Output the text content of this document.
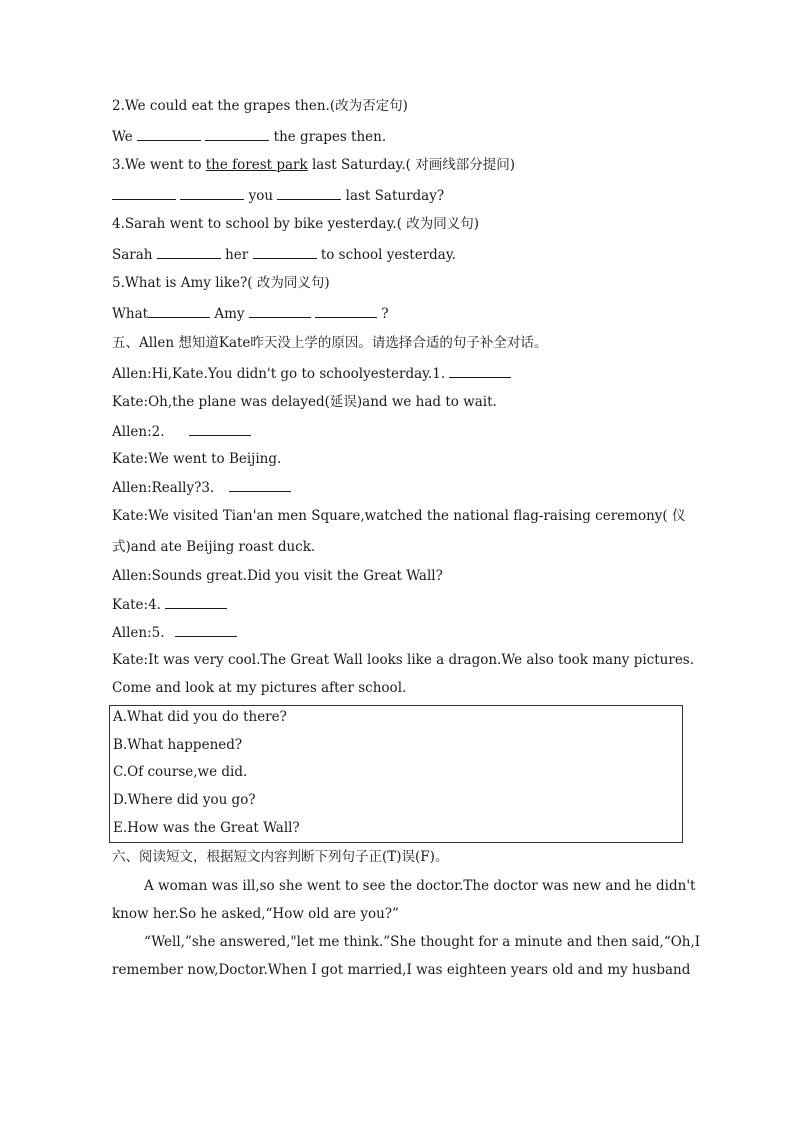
2.We could eat the grapes then.(改为否定句)
We	the grapes then.
3.We went to the forest park last Saturday.( 对画线部分提问)
you	last Saturday?
4.Sarah went to school by bike yesterday.( 改为同义句)
Sarah	her	to school yesterday.
5.What is Amy like?( 改为同义句)
What	Amy	?
五、Allen 想知道Kate昨天没上学的原因。请选择合适的句子补全对话。
Allen:Hi,Kate.You didn't go to schoolyesterday.1.
Kate:Oh,the plane was delayed(延误)and we had to wait.
Allen:2.
Kate:We went to Beijing.
Allen:Really?3.
Kate:We visited Tian'an men Square,watched the national flag-raising ceremony( 仪
式)and ate Beijing roast duck.
Allen:Sounds great.Did you visit the Great Wall?
Kate:4.
Allen:5.
Kate:It was very cool.The Great Wall looks like a dragon.We also took many pictures.
Come and look at my pictures after school.
A.What did you do there?
B.What happened?
C.Of course,we did.
D.Where did you go?
E.How was the Great Wall?
六、阅读短文，根据短文内容判断下列句子正(T)误(F)。
A woman was ill,so she went to see the doctor.The doctor was new and he didn't
know her.So he asked,“How old are you?”
“Well,”she answered,"let me think.”She thought for a minute and then said,“Oh,I
remember now,Doctor.When I got married,I was eighteen years old and my husband
